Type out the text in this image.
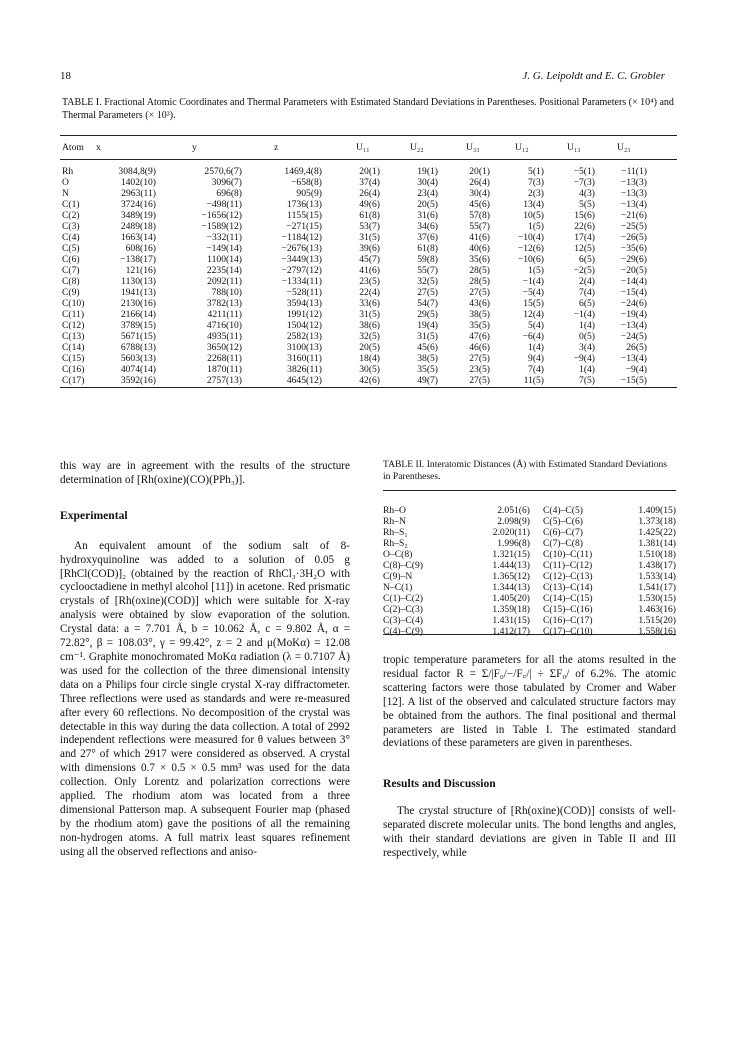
18	J. G. Leipoldt and E. C. Grobler
TABLE I. Fractional Atomic Coordinates and Thermal Parameters with Estimated Standard Deviations in Parentheses. Positional Parameters (× 10⁴) and Thermal Parameters (× 10³).
Atom x	y	z	U₁₁	U₂₂	U₃₃	U₁₂	U₁₃	U₂₃
Rh	3084,8(9)	2570,6(7)	1469,4(8)	20(1)	19(1)	20(1)	5(1)	−5(1)	−11(1)
O	1402(10)	3096(7)	−658(8)	37(4)	30(4)	26(4)	7(3)	−7(3)	−13(3)
N	2963(11)	696(8)	905(9)	26(4)	23(4)	30(4)	2(3)	4(3)	−13(3)
C(1)	3724(16)	−498(11)	1736(13)	49(6)	20(5)	45(6)	13(4)	5(5)	−13(4)
C(2)	3489(19)	−1656(12)	1155(15)	61(8)	31(6)	57(8)	10(5)	15(6)	−21(6)
C(3)	2489(18)	−1589(12)	−271(15)	53(7)	34(6)	55(7)	1(5)	22(6)	−25(5)
C(4)	1663(14)	−332(11)	−1184(12)	31(5)	37(6)	41(6)	−10(4)	17(4)	−26(5)
C(5)	608(16)	−149(14)	−2676(13)	39(6)	61(8)	40(6)	−12(6)	12(5)	−35(6)
C(6)	−138(17)	1100(14)	−3449(13)	45(7)	59(8)	35(6)	−10(6)	6(5)	−29(6)
C(7)	121(16)	2235(14)	−2797(12)	41(6)	55(7)	28(5)	1(5)	−2(5)	−20(5)
C(8)	1130(13)	2092(11)	−1334(11)	23(5)	32(5)	28(5)	−1(4)	2(4)	−14(4)
C(9)	1941(13)	788(10)	−528(11)	22(4)	27(5)	27(5)	−5(4)	7(4)	−15(4)
C(10)	2130(16)	3782(13)	3594(13)	33(6)	54(7)	43(6)	15(5)	6(5)	−24(6)
C(11)	2166(14)	4211(11)	1991(12)	31(5)	29(5)	38(5)	12(4)	−1(4)	−19(4)
C(12)	3789(15)	4716(10)	1504(12)	38(6)	19(4)	35(5)	5(4)	1(4)	−13(4)
C(13)	5671(15)	4935(11)	2582(13)	32(5)	31(5)	47(6)	−6(4)	0(5)	−24(5)
C(14)	6788(13)	3650(12)	3100(13)	20(5)	45(6)	46(6)	1(4)	3(4)	26(5)
C(15)	5603(13)	2268(11)	3160(11)	18(4)	38(5)	27(5)	9(4)	−9(4)	−13(4)
C(16)	4074(14)	1870(11)	3826(11)	30(5)	35(5)	23(5)	7(4)	1(4)	−9(4)
C(17)	3592(16)	2757(13)	4645(12)	42(6)	49(7)	27(5)	11(5)	7(5)	−15(5)

this way are in agreement with the results of the structure determination of [Rh(oxine)(CO)(PPh₃)].

Experimental

An equivalent amount of the sodium salt of 8-hydroxyquinoline was added to a solution of 0.05 g [RhCl(COD)]₂ (obtained by the reaction of RhCl₃·3H₂O with cyclooctadiene in methyl alcohol [11]) in acetone. Red prismatic crystals of [Rh(oxine)(COD)] which were suitable for X-ray analysis were obtained by slow evaporation of the solution. Crystal data: a = 7.701 Å, b = 10.062 Å, c = 9.802 Å, α = 72.82°, β = 108.03°, γ = 99.42°, z = 2 and μ(MoKα) = 12.08 cm⁻¹. Graphite monochromated MoKα radiation (λ = 0.7107 Å) was used for the collection of the three dimensional intensity data on a Philips four circle single crystal X-ray diffractometer. Three reflections were used as standards and were re-measured after every 60 reflections. No decomposition of the crystal was detectable in this way during the data collection. A total of 2992 independent reflections were measured for θ values between 3° and 27° of which 2917 were considered as observed. A crystal with dimensions 0.7 × 0.5 × 0.5 mm³ was used for the data collection. Only Lorentz and polarization corrections were applied. The rhodium atom was located from a three dimensional Patterson map. A subsequent Fourier map (phased by the rhodium atom) gave the positions of all the remaining non-hydrogen atoms. A full matrix least squares refinement using all the observed reflections and aniso-

TABLE II. Interatomic Distances (Å) with Estimated Standard Deviations in Parentheses.
Rh–O	2.051(6) C(4)–C(5)	1.409(15)
Rh–N	2.098(9) C(5)–C(6)	1.373(18)
Rh–S₁	2.020(11) C(6)–C(7)	1.425(22)
Rh–S₂	1.996(8) C(7)–C(8)	1.381(14)
O–C(8)	1.321(15) C(10)–C(11)	1.510(18)
C(8)–C(9)	1.444(13) C(11)–C(12)	1.438(17)
C(9)–N	1.365(12) C(12)–C(13)	1.533(14)
N–C(1)	1.344(13) C(13)–C(14)	1.541(17)
C(1)–C(2)	1.405(20) C(14)–C(15)	1.530(15)
C(2)–C(3)	1.359(18) C(15)–C(16)	1.463(16)
C(3)–C(4)	1.431(15) C(16)–C(17)	1.515(20)
C(4)–C(9)	1.412(17) C(17)–C(10)	1.558(16)

tropic temperature parameters for all the atoms resulted in the residual factor R = Σ/|F₀/−/F꜀/| ÷ ΣF₀/ of 6.2%. The atomic scattering factors were those tabulated by Cromer and Waber [12]. A list of the observed and calculated structure factors may be obtained from the authors. The final positional and thermal parameters are listed in Table I. The estimated standard deviations of these parameters are given in parentheses.

Results and Discussion

The crystal structure of [Rh(oxine)(COD)] consists of well-separated discrete molecular units. The bond lengths and angles, with their standard deviations are given in Table II and III respectively, while
